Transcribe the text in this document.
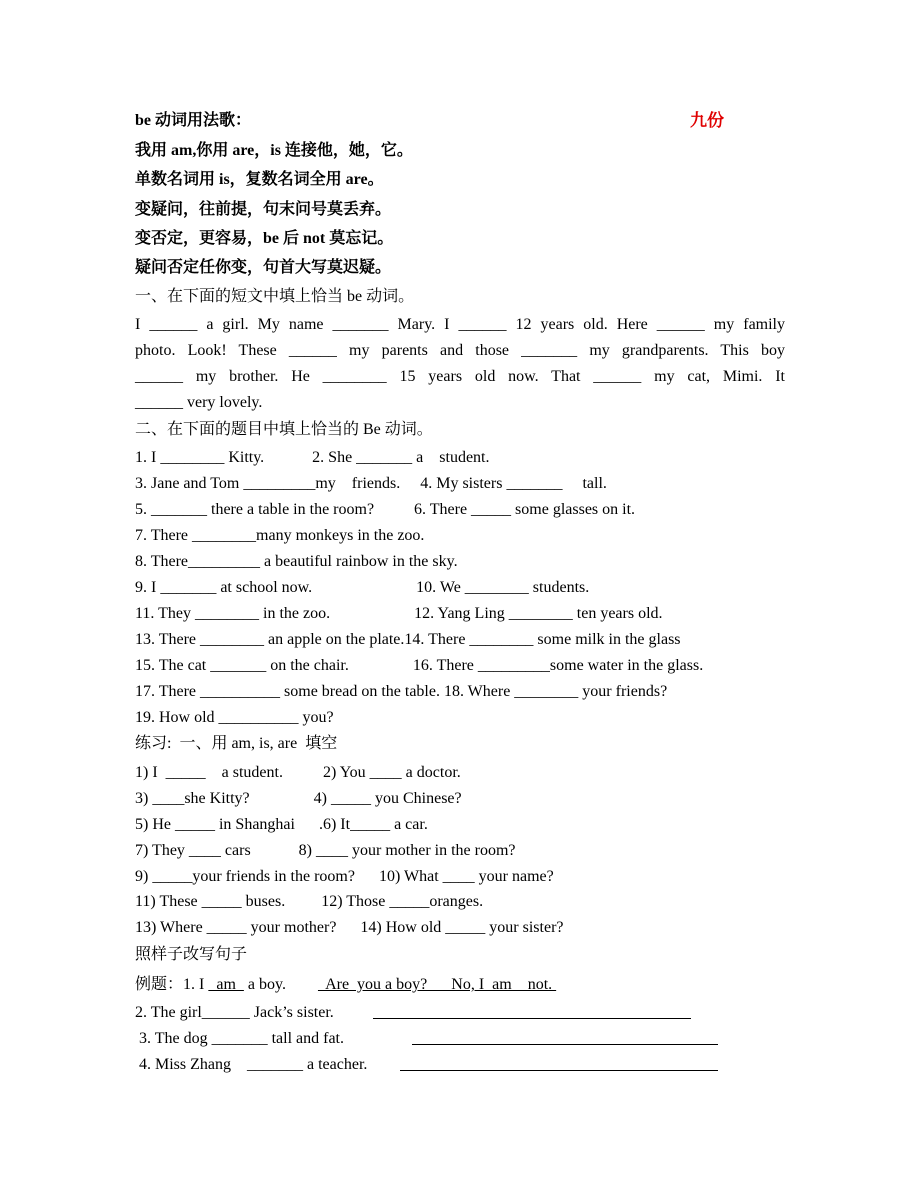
be 动词用法歌：	九份
我用 am,你用 are，is 连接他，她，它。
单数名词用 is，复数名词全用 are。
变疑问，往前提，句末问号莫丢弃。
变否定，更容易，be 后 not 莫忘记。
疑问否定任你变，句首大写莫迟疑。
一、在下面的短文中填上恰当 be 动词。
I ______ a girl. My name _______ Mary. I ______ 12 years old. Here ______ my family
photo. Look! These ______ my parents and those _______ my grandparents. This boy
______ my brother. He ________ 15 years old now. That ______ my cat, Mimi. It
______ very lovely.
二、在下面的题目中填上恰当的 Be 动词。
1. I ________ Kitty.            2. She _______ a    student.
3. Jane and Tom _________my    friends.     4. My sisters _______     tall.
5. _______ there a table in the room?          6. There _____ some glasses on it.
7. There ________many monkeys in the zoo.
8. There_________ a beautiful rainbow in the sky.
9. I _______ at school now.                          10. We ________ students.
11. They ________ in the zoo.                     12. Yang Ling ________ ten years old.
13. There ________ an apple on the plate.14. There ________ some milk in the glass
15. The cat _______ on the chair.                16. There _________some water in the glass.
17. There __________ some bread on the table. 18. Where ________ your friends?
19. How old __________ you?
练习:  一、用 am, is, are  填空
1) I  _____    a student.          2) You ____ a doctor.
3) ____she Kitty?                4) _____ you Chinese?
5) He _____ in Shanghai      .6) It_____ a car.
7) They ____ cars            8) ____ your mother in the room?
9) _____your friends in the room?      10) What ____ your name?
11) These _____ buses.         12) Those _____oranges.
13) Where _____ your mother?      14) How old _____ your sister?
照样子改写句子
例题：1. I   am   a boy.          Are  you a boy?      No, I  am    not.
2. The girl______ Jack’s sister.
3. The dog _______ tall and fat.
4. Miss Zhang    _______ a teacher.
